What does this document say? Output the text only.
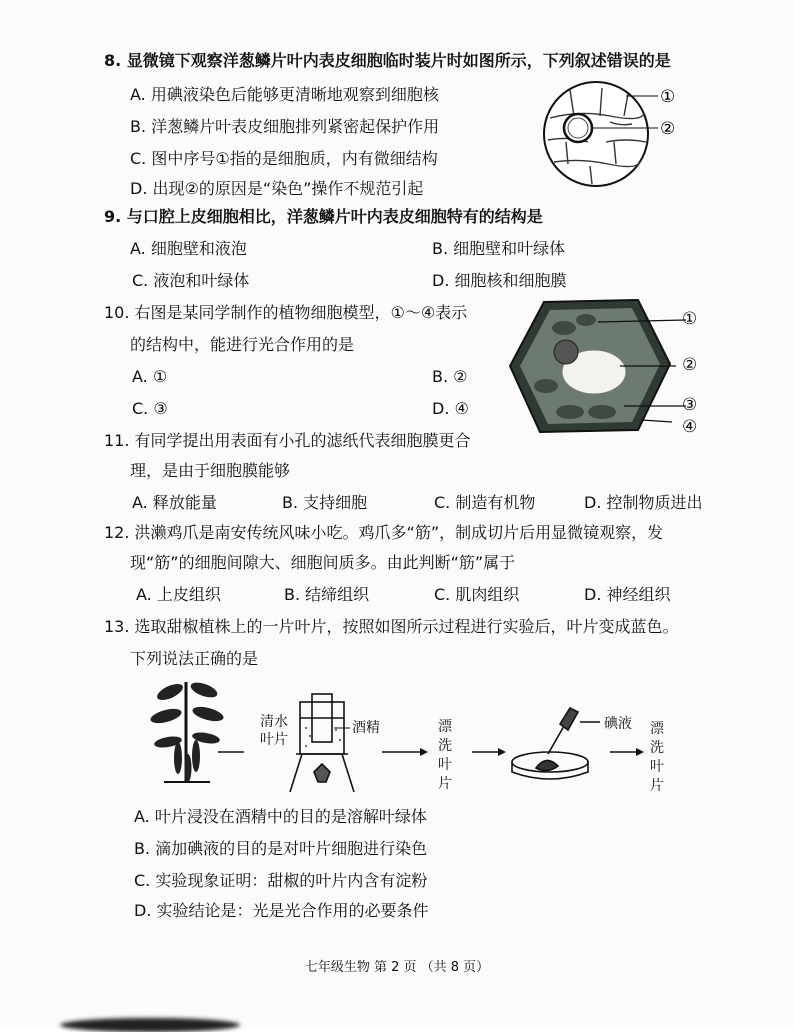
8. 显微镜下观察洋葱鳞片叶内表皮细胞临时装片时如图所示，下列叙述错误的是
A. 用碘液染色后能够更清晰地观察到细胞核
B. 洋葱鳞片叶表皮细胞排列紧密起保护作用
C. 图中序号①指的是细胞质，内有微细结构
D. 出现②的原因是“染色”操作不规范引起
①
②
9. 与口腔上皮细胞相比，洋葱鳞片叶内表皮细胞特有的结构是
A. 细胞壁和液泡	B. 细胞壁和叶绿体
C. 液泡和叶绿体	D. 细胞核和细胞膜
10. 右图是某同学制作的植物细胞模型，①～④表示
的结构中，能进行光合作用的是
A. ①	B. ②
C. ③	D. ④
①
②
③
④
11. 有同学提出用表面有小孔的滤纸代表细胞膜更合
理，是由于细胞膜能够
A. 释放能量	B. 支持细胞	C. 制造有机物	D. 控制物质进出
12. 洪濑鸡爪是南安传统风味小吃。鸡爪多“筋”，制成切片后用显微镜观察，发
现“筋”的细胞间隙大、细胞间质多。由此判断“筋”属于
A. 上皮组织	B. 结缔组织	C. 肌肉组织	D. 神经组织
13. 选取甜椒植株上的一片叶片，按照如图所示过程进行实验后，叶片变成蓝色。
下列说法正确的是
清水
叶片
酒精	漂
洗
叶
片
碘液 漂
洗
叶
片
A. 叶片浸没在酒精中的目的是溶解叶绿体
B. 滴加碘液的目的是对叶片细胞进行染色
C. 实验现象证明：甜椒的叶片内含有淀粉
D. 实验结论是：光是光合作用的必要条件
七年级生物 第 2 页 （共 8 页）
